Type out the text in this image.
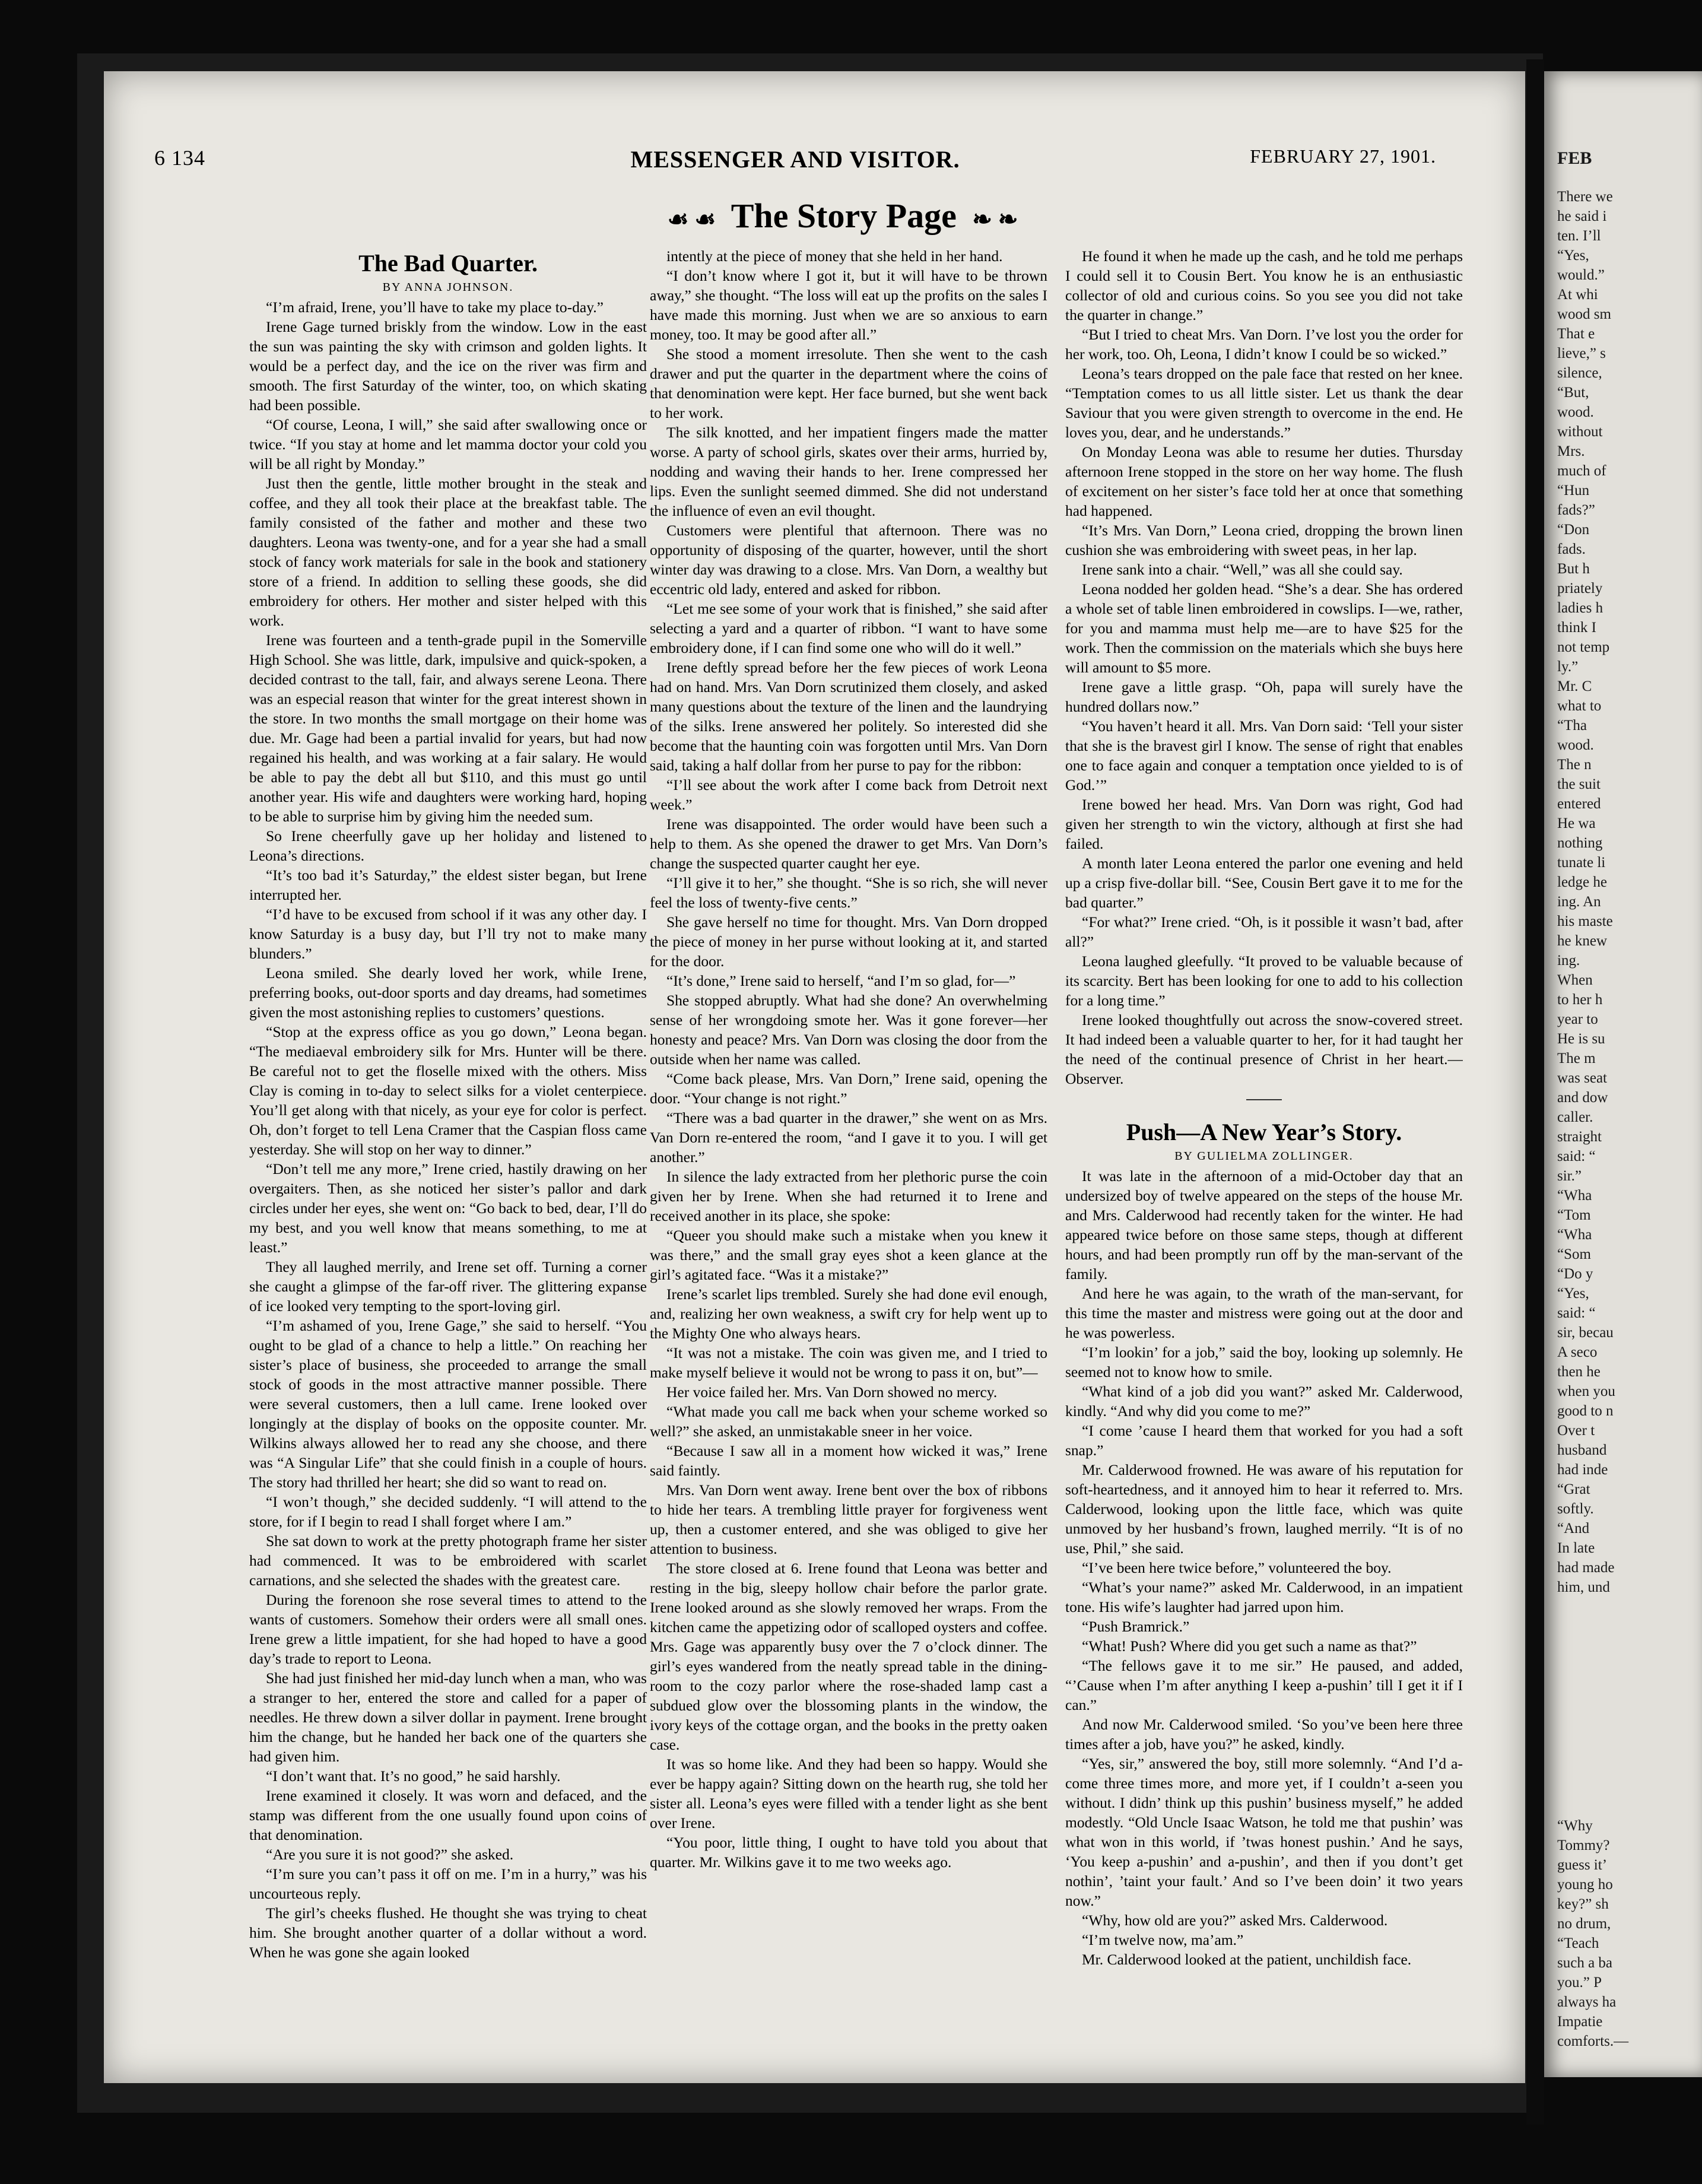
FEB
There we
he said i
ten. I’ll
“Yes,
would.”
At whi
wood sm
That e
lieve,” s
silence,
“But,
wood.
without
Mrs.
much of
“Hun
fads?”
“Don
fads.
But h
priately
ladies h
think I
not temp
ly.”
Mr. C
what to
“Tha
wood.
The n
the suit
entered
He wa
nothing
tunate li
ledge he
ing. An
his maste
he knew
ing.
When
to her h
year to
He is su
The m
was seat
and dow
caller.
straight
said: “
sir.”
“Wha
“Tom
“Wha
“Som
“Do y
“Yes,
said: “
sir, becau
A seco
then he
when you
good to n
Over t
husband
had inde
“Grat
softly.
“And
In late
had made
him, und
“Why
Tommy?
guess it’
young ho
key?” sh
no drum,
“Teach
such a ba
you.” P
always ha
Impatie
comforts.—
6 134	MESSENGER AND VISITOR.	FEBRUARY 27, 1901.
☙ ☙ The Story Page ❧ ❧

The Bad Quarter.

BY ANNA JOHNSON.

“I’m afraid, Irene, you’ll have to take my place to-day.”

Irene Gage turned briskly from the window. Low in the east the sun was painting the sky with crimson and golden lights. It would be a perfect day, and the ice on the river was firm and smooth. The first Saturday of the winter, too, on which skating had been possible.

“Of course, Leona, I will,” she said after swallowing once or twice. “If you stay at home and let mamma doctor your cold you will be all right by Monday.”

Just then the gentle, little mother brought in the steak and coffee, and they all took their place at the breakfast table. The family consisted of the father and mother and these two daughters. Leona was twenty-one, and for a year she had a small stock of fancy work materials for sale in the book and stationery store of a friend. In addition to selling these goods, she did embroidery for others. Her mother and sister helped with this work.

Irene was fourteen and a tenth-grade pupil in the Somerville High School. She was little, dark, impulsive and quick-spoken, a decided contrast to the tall, fair, and always serene Leona. There was an especial reason that winter for the great interest shown in the store. In two months the small mortgage on their home was due. Mr. Gage had been a partial invalid for years, but had now regained his health, and was working at a fair salary. He would be able to pay the debt all but $110, and this must go until another year. His wife and daughters were working hard, hoping to be able to surprise him by giving him the needed sum.

So Irene cheerfully gave up her holiday and listened to Leona’s directions.

“It’s too bad it’s Saturday,” the eldest sister began, but Irene interrupted her.

“I’d have to be excused from school if it was any other day. I know Saturday is a busy day, but I’ll try not to make many blunders.”

Leona smiled. She dearly loved her work, while Irene, preferring books, out-door sports and day dreams, had sometimes given the most astonishing replies to customers’ questions.

“Stop at the express office as you go down,” Leona began. “The mediaeval embroidery silk for Mrs. Hunter will be there. Be careful not to get the floselle mixed with the others. Miss Clay is coming in to-day to select silks for a violet centerpiece. You’ll get along with that nicely, as your eye for color is perfect. Oh, don’t forget to tell Lena Cramer that the Caspian floss came yesterday. She will stop on her way to dinner.”

“Don’t tell me any more,” Irene cried, hastily drawing on her overgaiters. Then, as she noticed her sister’s pallor and dark circles under her eyes, she went on: “Go back to bed, dear, I’ll do my best, and you well know that means something, to me at least.”

They all laughed merrily, and Irene set off. Turning a corner she caught a glimpse of the far-off river. The glittering expanse of ice looked very tempting to the sport-loving girl.

“I’m ashamed of you, Irene Gage,” she said to herself. “You ought to be glad of a chance to help a little.” On reaching her sister’s place of business, she proceeded to arrange the small stock of goods in the most attractive manner possible. There were several customers, then a lull came. Irene looked over longingly at the display of books on the opposite counter. Mr. Wilkins always allowed her to read any she choose, and there was “A Singular Life” that she could finish in a couple of hours. The story had thrilled her heart; she did so want to read on.

“I won’t though,” she decided suddenly. “I will attend to the store, for if I begin to read I shall forget where I am.”

She sat down to work at the pretty photograph frame her sister had commenced. It was to be embroidered with scarlet carnations, and she selected the shades with the greatest care.

During the forenoon she rose several times to attend to the wants of customers. Somehow their orders were all small ones. Irene grew a little impatient, for she had hoped to have a good day’s trade to report to Leona.

She had just finished her mid-day lunch when a man, who was a stranger to her, entered the store and called for a paper of needles. He threw down a silver dollar in payment. Irene brought him the change, but he handed her back one of the quarters she had given him.

“I don’t want that. It’s no good,” he said harshly.

Irene examined it closely. It was worn and defaced, and the stamp was different from the one usually found upon coins of that denomination.

“Are you sure it is not good?” she asked.

“I’m sure you can’t pass it off on me. I’m in a hurry,” was his uncourteous reply.

The girl’s cheeks flushed. He thought she was trying to cheat him. She brought another quarter of a dollar without a word. When he was gone she again looked

intently at the piece of money that she held in her hand.

“I don’t know where I got it, but it will have to be thrown away,” she thought. “The loss will eat up the profits on the sales I have made this morning. Just when we are so anxious to earn money, too. It may be good after all.”

She stood a moment irresolute. Then she went to the cash drawer and put the quarter in the department where the coins of that denomination were kept. Her face burned, but she went back to her work.

The silk knotted, and her impatient fingers made the matter worse. A party of school girls, skates over their arms, hurried by, nodding and waving their hands to her. Irene compressed her lips. Even the sunlight seemed dimmed. She did not understand the influence of even an evil thought.

Customers were plentiful that afternoon. There was no opportunity of disposing of the quarter, however, until the short winter day was drawing to a close. Mrs. Van Dorn, a wealthy but eccentric old lady, entered and asked for ribbon.

“Let me see some of your work that is finished,” she said after selecting a yard and a quarter of ribbon. “I want to have some embroidery done, if I can find some one who will do it well.”

Irene deftly spread before her the few pieces of work Leona had on hand. Mrs. Van Dorn scrutinized them closely, and asked many questions about the texture of the linen and the laundrying of the silks. Irene answered her politely. So interested did she become that the haunting coin was forgotten until Mrs. Van Dorn said, taking a half dollar from her purse to pay for the ribbon:

“I’ll see about the work after I come back from Detroit next week.”

Irene was disappointed. The order would have been such a help to them. As she opened the drawer to get Mrs. Van Dorn’s change the suspected quarter caught her eye.

“I’ll give it to her,” she thought. “She is so rich, she will never feel the loss of twenty-five cents.”

She gave herself no time for thought. Mrs. Van Dorn dropped the piece of money in her purse without looking at it, and started for the door.

“It’s done,” Irene said to herself, “and I’m so glad, for—”

She stopped abruptly. What had she done? An overwhelming sense of her wrongdoing smote her. Was it gone forever—her honesty and peace? Mrs. Van Dorn was closing the door from the outside when her name was called.

“Come back please, Mrs. Van Dorn,” Irene said, opening the door. “Your change is not right.”

“There was a bad quarter in the drawer,” she went on as Mrs. Van Dorn re-entered the room, “and I gave it to you. I will get another.”

In silence the lady extracted from her plethoric purse the coin given her by Irene. When she had returned it to Irene and received another in its place, she spoke:

“Queer you should make such a mistake when you knew it was there,” and the small gray eyes shot a keen glance at the girl’s agitated face. “Was it a mistake?”

Irene’s scarlet lips trembled. Surely she had done evil enough, and, realizing her own weakness, a swift cry for help went up to the Mighty One who always hears.

“It was not a mistake. The coin was given me, and I tried to make myself believe it would not be wrong to pass it on, but”—

Her voice failed her. Mrs. Van Dorn showed no mercy.

“What made you call me back when your scheme worked so well?” she asked, an unmistakable sneer in her voice.

“Because I saw all in a moment how wicked it was,” Irene said faintly.

Mrs. Van Dorn went away. Irene bent over the box of ribbons to hide her tears. A trembling little prayer for forgiveness went up, then a customer entered, and she was obliged to give her attention to business.

The store closed at 6. Irene found that Leona was better and resting in the big, sleepy hollow chair before the parlor grate. Irene looked around as she slowly removed her wraps. From the kitchen came the appetizing odor of scalloped oysters and coffee. Mrs. Gage was apparently busy over the 7 o’clock dinner. The girl’s eyes wandered from the neatly spread table in the dining-room to the cozy parlor where the rose-shaded lamp cast a subdued glow over the blossoming plants in the window, the ivory keys of the cottage organ, and the books in the pretty oaken case.

It was so home like. And they had been so happy. Would she ever be happy again? Sitting down on the hearth rug, she told her sister all. Leona’s eyes were filled with a tender light as she bent over Irene.

“You poor, little thing, I ought to have told you about that quarter. Mr. Wilkins gave it to me two weeks ago.

He found it when he made up the cash, and he told me perhaps I could sell it to Cousin Bert. You know he is an enthusiastic collector of old and curious coins. So you see you did not take the quarter in change.”

“But I tried to cheat Mrs. Van Dorn. I’ve lost you the order for her work, too. Oh, Leona, I didn’t know I could be so wicked.”

Leona’s tears dropped on the pale face that rested on her knee. “Temptation comes to us all little sister. Let us thank the dear Saviour that you were given strength to overcome in the end. He loves you, dear, and he understands.”

On Monday Leona was able to resume her duties. Thursday afternoon Irene stopped in the store on her way home. The flush of excitement on her sister’s face told her at once that something had happened.

“It’s Mrs. Van Dorn,” Leona cried, dropping the brown linen cushion she was embroidering with sweet peas, in her lap.

Irene sank into a chair. “Well,” was all she could say.

Leona nodded her golden head. “She’s a dear. She has ordered a whole set of table linen embroidered in cowslips. I—we, rather, for you and mamma must help me—are to have $25 for the work. Then the commission on the materials which she buys here will amount to $5 more.

Irene gave a little grasp. “Oh, papa will surely have the hundred dollars now.”

“You haven’t heard it all. Mrs. Van Dorn said: ‘Tell your sister that she is the bravest girl I know. The sense of right that enables one to face again and conquer a temptation once yielded to is of God.’”

Irene bowed her head. Mrs. Van Dorn was right, God had given her strength to win the victory, although at first she had failed.

A month later Leona entered the parlor one evening and held up a crisp five-dollar bill. “See, Cousin Bert gave it to me for the bad quarter.”

“For what?” Irene cried. “Oh, is it possible it wasn’t bad, after all?”

Leona laughed gleefully. “It proved to be valuable because of its scarcity. Bert has been looking for one to add to his collection for a long time.”

Irene looked thoughtfully out across the snow-covered street. It had indeed been a valuable quarter to her, for it had taught her the need of the continual presence of Christ in her heart.—Observer.

Push—A New Year’s Story.

BY GULIELMA ZOLLINGER.

It was late in the afternoon of a mid-October day that an undersized boy of twelve appeared on the steps of the house Mr. and Mrs. Calderwood had recently taken for the winter. He had appeared twice before on those same steps, though at different hours, and had been promptly run off by the man-servant of the family.

And here he was again, to the wrath of the man-servant, for this time the master and mistress were going out at the door and he was powerless.

“I’m lookin’ for a job,” said the boy, looking up solemnly. He seemed not to know how to smile.

“What kind of a job did you want?” asked Mr. Calderwood, kindly. “And why did you come to me?”

“I come ’cause I heard them that worked for you had a soft snap.”

Mr. Calderwood frowned. He was aware of his reputation for soft-heartedness, and it annoyed him to hear it referred to. Mrs. Calderwood, looking upon the little face, which was quite unmoved by her husband’s frown, laughed merrily. “It is of no use, Phil,” she said.

“I’ve been here twice before,” volunteered the boy.

“What’s your name?” asked Mr. Calderwood, in an impatient tone. His wife’s laughter had jarred upon him.

“Push Bramrick.”

“What! Push? Where did you get such a name as that?”

“The fellows gave it to me sir.” He paused, and added, “’Cause when I’m after anything I keep a-pushin’ till I get it if I can.”

And now Mr. Calderwood smiled. ‘So you’ve been here three times after a job, have you?” he asked, kindly.

“Yes, sir,” answered the boy, still more solemnly. “And I’d a-come three times more, and more yet, if I couldn’t a-seen you without. I didn’ think up this pushin’ business myself,” he added modestly. “Old Uncle Isaac Watson, he told me that pushin’ was what won in this world, if ’twas honest pushin.’ And he says, ‘You keep a-pushin’ and a-pushin’, and then if you dont’t get nothin’, ’taint your fault.’ And so I’ve been doin’ it two years now.”

“Why, how old are you?” asked Mrs. Calderwood.

“I’m twelve now, ma’am.”

Mr. Calderwood looked at the patient, unchildish face.
